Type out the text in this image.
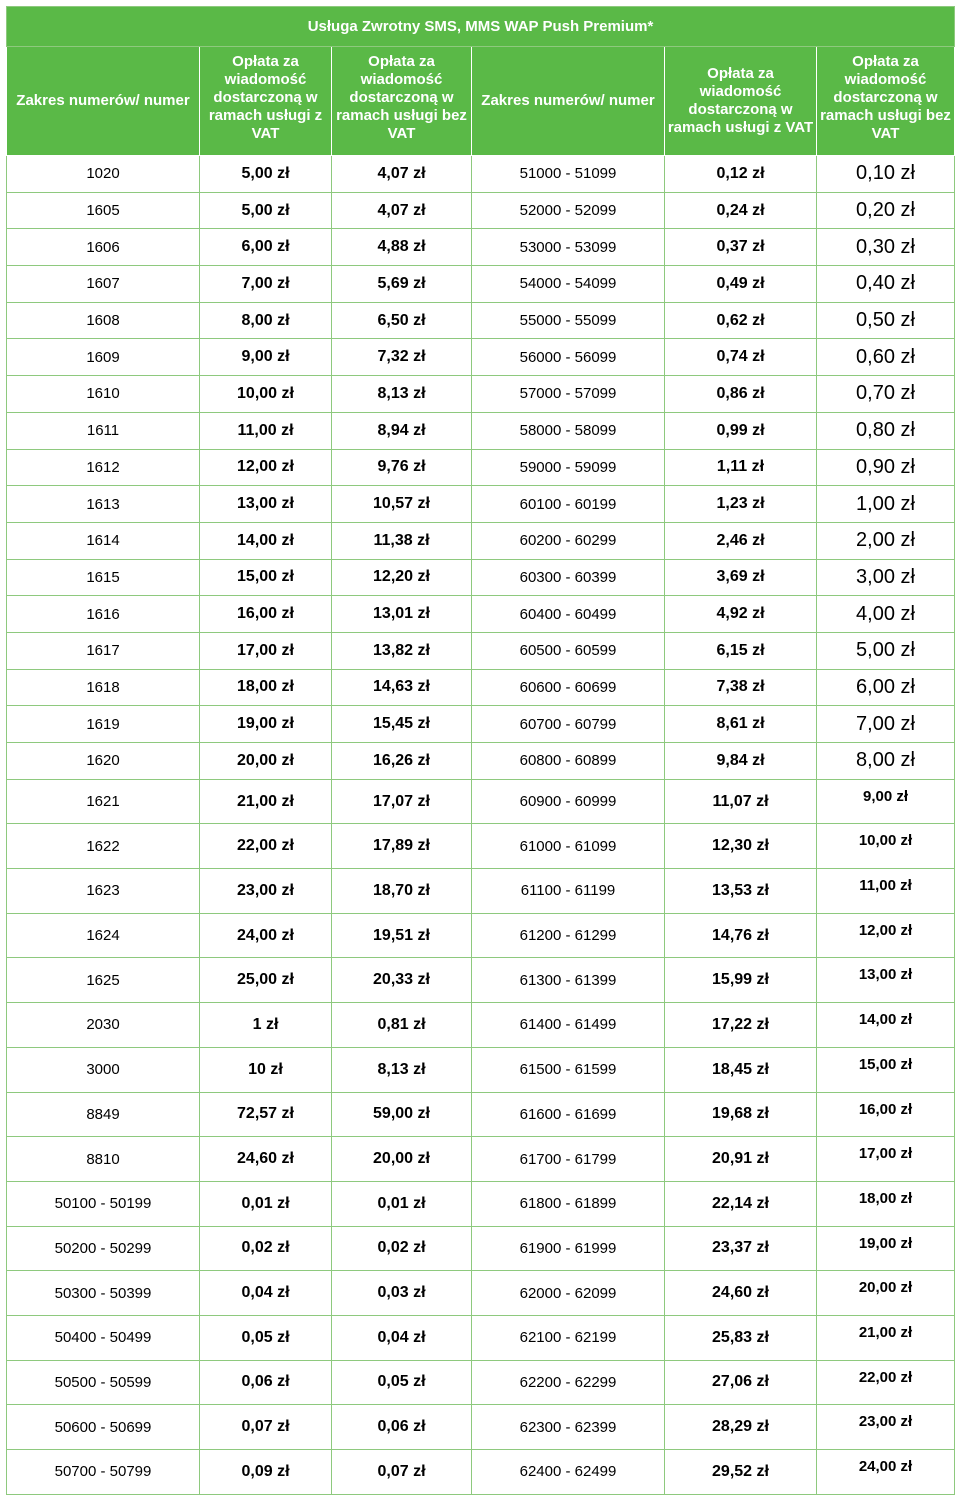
Usługa Zwrotny SMS, MMS WAP Push Premium*					
Zakres numerów/ numer	Opłata za wiadomość dostarczoną w ramach usługi z VAT	Opłata za wiadomość dostarczoną w ramach usługi bez VAT	Zakres numerów/ numer	Opłata za wiadomość dostarczoną w ramach usługi z VAT	Opłata za wiadomość dostarczoną w ramach usługi bez VAT
1020	5,00 zł	4,07 zł	51000 - 51099	0,12 zł	0,10 zł
1605	5,00 zł	4,07 zł	52000 - 52099	0,24 zł	0,20 zł
1606	6,00 zł	4,88 zł	53000 - 53099	0,37 zł	0,30 zł
1607	7,00 zł	5,69 zł	54000 - 54099	0,49 zł	0,40 zł
1608	8,00 zł	6,50 zł	55000 - 55099	0,62 zł	0,50 zł
1609	9,00 zł	7,32 zł	56000 - 56099	0,74 zł	0,60 zł
1610	10,00 zł	8,13 zł	57000 - 57099	0,86 zł	0,70 zł
1611	11,00 zł	8,94 zł	58000 - 58099	0,99 zł	0,80 zł
1612	12,00 zł	9,76 zł	59000 - 59099	1,11 zł	0,90 zł
1613	13,00 zł	10,57 zł	60100 - 60199	1,23 zł	1,00 zł
1614	14,00 zł	11,38 zł	60200 - 60299	2,46 zł	2,00 zł
1615	15,00 zł	12,20 zł	60300 - 60399	3,69 zł	3,00 zł
1616	16,00 zł	13,01 zł	60400 - 60499	4,92 zł	4,00 zł
1617	17,00 zł	13,82 zł	60500 - 60599	6,15 zł	5,00 zł
1618	18,00 zł	14,63 zł	60600 - 60699	7,38 zł	6,00 zł
1619	19,00 zł	15,45 zł	60700 - 60799	8,61 zł	7,00 zł
1620	20,00 zł	16,26 zł	60800 - 60899	9,84 zł	8,00 zł
1621	21,00 zł	17,07 zł	60900 - 60999	11,07 zł	9,00 zł
1622	22,00 zł	17,89 zł	61000 - 61099	12,30 zł	10,00 zł
1623	23,00 zł	18,70 zł	61100 - 61199	13,53 zł	11,00 zł
1624	24,00 zł	19,51 zł	61200 - 61299	14,76 zł	12,00 zł
1625	25,00 zł	20,33 zł	61300 - 61399	15,99 zł	13,00 zł
2030	1 zł	0,81 zł	61400 - 61499	17,22 zł	14,00 zł
3000	10 zł	8,13 zł	61500 - 61599	18,45 zł	15,00 zł
8849	72,57 zł	59,00 zł	61600 - 61699	19,68 zł	16,00 zł
8810	24,60 zł	20,00 zł	61700 - 61799	20,91 zł	17,00 zł
50100 - 50199	0,01 zł	0,01 zł	61800 - 61899	22,14 zł	18,00 zł
50200 - 50299	0,02 zł	0,02 zł	61900 - 61999	23,37 zł	19,00 zł
50300 - 50399	0,04 zł	0,03 zł	62000 - 62099	24,60 zł	20,00 zł
50400 - 50499	0,05 zł	0,04 zł	62100 - 62199	25,83 zł	21,00 zł
50500 - 50599	0,06 zł	0,05 zł	62200 - 62299	27,06 zł	22,00 zł
50600 - 50699	0,07 zł	0,06 zł	62300 - 62399	28,29 zł	23,00 zł
50700 - 50799	0,09 zł	0,07 zł	62400 - 62499	29,52 zł	24,00 zł
